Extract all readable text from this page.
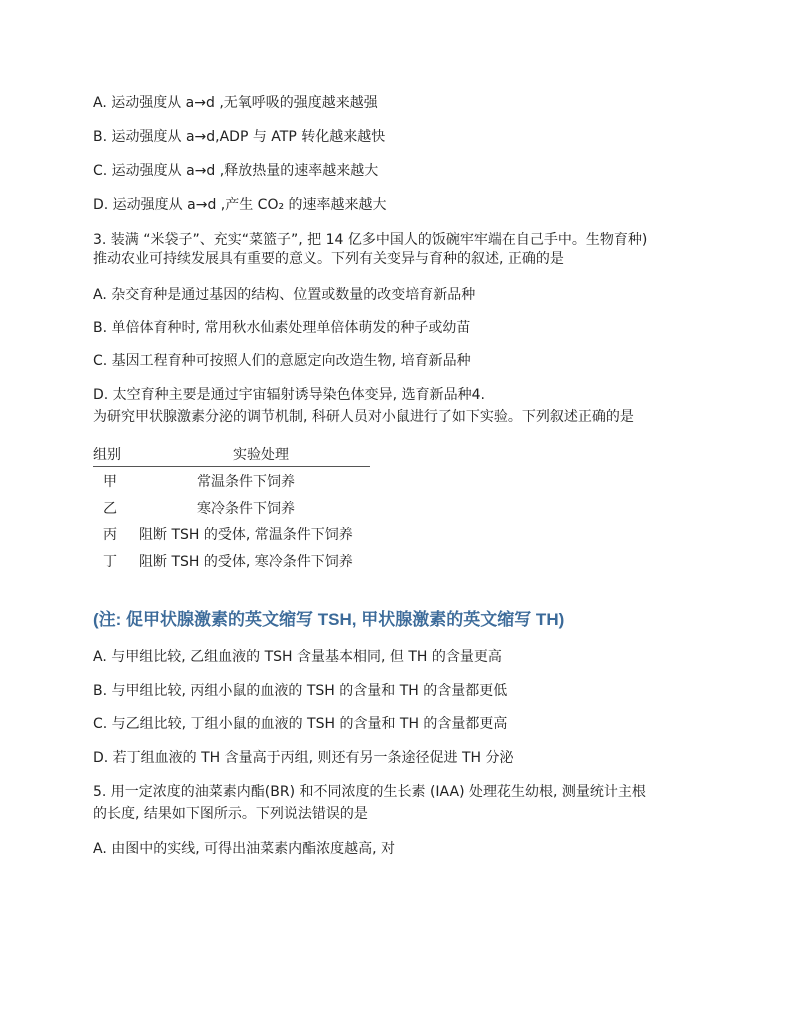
A. 运动强度从 a→d ,无氧呼吸的强度越来越强
B. 运动强度从 a→d,ADP 与 ATP 转化越来越快
C. 运动强度从 a→d ,释放热量的速率越来越大
D. 运动强度从 a→d ,产生 CO₂ 的速率越来越大
3. 装满 “米袋子”、充实“菜篮子”, 把 14 亿多中国人的饭碗牢牢端在自己手中。生物育种)
推动农业可持续发展具有重要的意义。下列有关变异与育种的叙述, 正确的是
A. 杂交育种是通过基因的结构、位置或数量的改变培育新品种
B. 单倍体育种时, 常用秋水仙素处理单倍体萌发的种子或幼苗
C. 基因工程育种可按照人们的意愿定向改造生物, 培育新品种
D. 太空育种主要是通过宇宙辐射诱导染色体变异, 选育新品种4.
为研究甲状腺激素分泌的调节机制, 科研人员对小鼠进行了如下实验。下列叙述正确的是
组别	实验处理
甲	常温条件下饲养
乙	寒冷条件下饲养
丙 阻断 TSH 的受体, 常温条件下饲养
丁 阻断 TSH 的受体, 寒冷条件下饲养
(注: 促甲状腺激素的英文缩写 TSH, 甲状腺激素的英文缩写 TH)
A. 与甲组比较, 乙组血液的 TSH 含量基本相同, 但 TH 的含量更高
B. 与甲组比较, 丙组小鼠的血液的 TSH 的含量和 TH 的含量都更低
C. 与乙组比较, 丁组小鼠的血液的 TSH 的含量和 TH 的含量都更高
D. 若丁组血液的 TH 含量高于丙组, 则还有另一条途径促进 TH 分泌
5. 用一定浓度的油菜素内酯(BR) 和不同浓度的生长素 (IAA) 处理花生幼根, 测量统计主根
的长度, 结果如下图所示。下列说法错误的是
A. 由图中的实线, 可得出油菜素内酯浓度越高, 对
